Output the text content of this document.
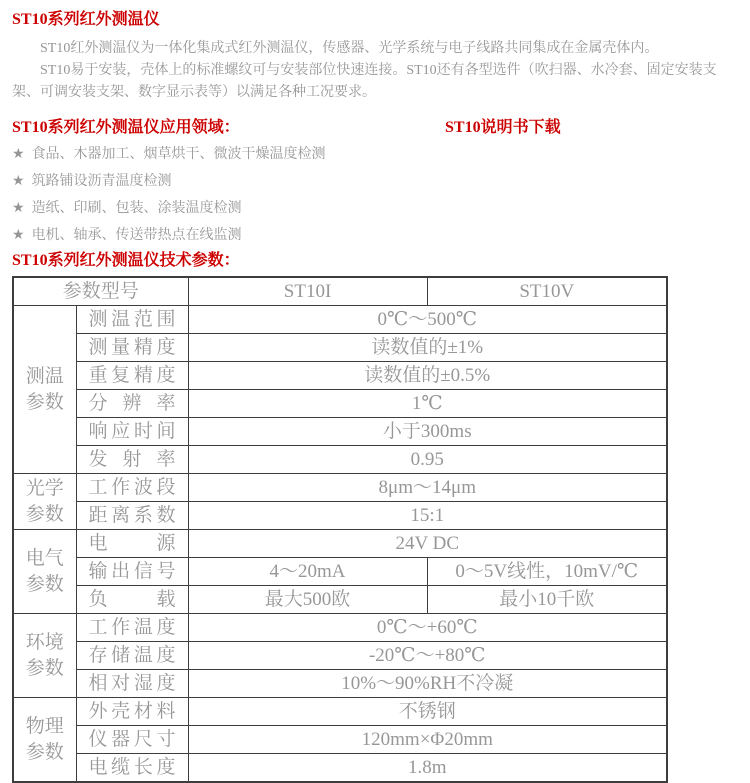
ST10系列红外测温仪

ST10红外测温仪为一体化集成式红外测温仪，传感器、光学系统与电子线路共同集成在金属壳体内。

ST10易于安装，壳体上的标准螺纹可与安装部位快速连接。ST10还有各型选件（吹扫器、水冷套、固定安装支架、可调安装支架、数字显示表等）以满足各种工况要求。

ST10系列红外测温仪应用领域：	ST10说明书下载
★ 食品、木器加工、烟草烘干、微波干燥温度检测
★ 筑路铺设沥青温度检测
★ 造纸、印刷、包装、涂装温度检测
★ 电机、轴承、传送带热点在线监测
ST10系列红外测温仪技术参数：
参数型号		ST10I	ST10V

测温
参数	测温范围	0℃～500℃	
	测量精度	读数值的±1%	
	重复精度	读数值的±0.5%	
	分辨率	1℃	
	响应时间	小于300ms	
	发射率	0.95	

光学
参数	工作波段	8μm～14μm	
	距离系数	15:1	

电气
参数	电源	24V DC	
	输出信号	4～20mA	0～5V线性，10mV/℃
	负载	最大500欧	最小10千欧

环境
参数	工作温度	0℃～+60℃	
	存储温度	-20℃～+80℃	
	相对湿度	10%～90%RH不冷凝	

物理
参数	外壳材料	不锈钢	
	仪器尺寸	120mm×Φ20mm	
	电缆长度	1.8m	
